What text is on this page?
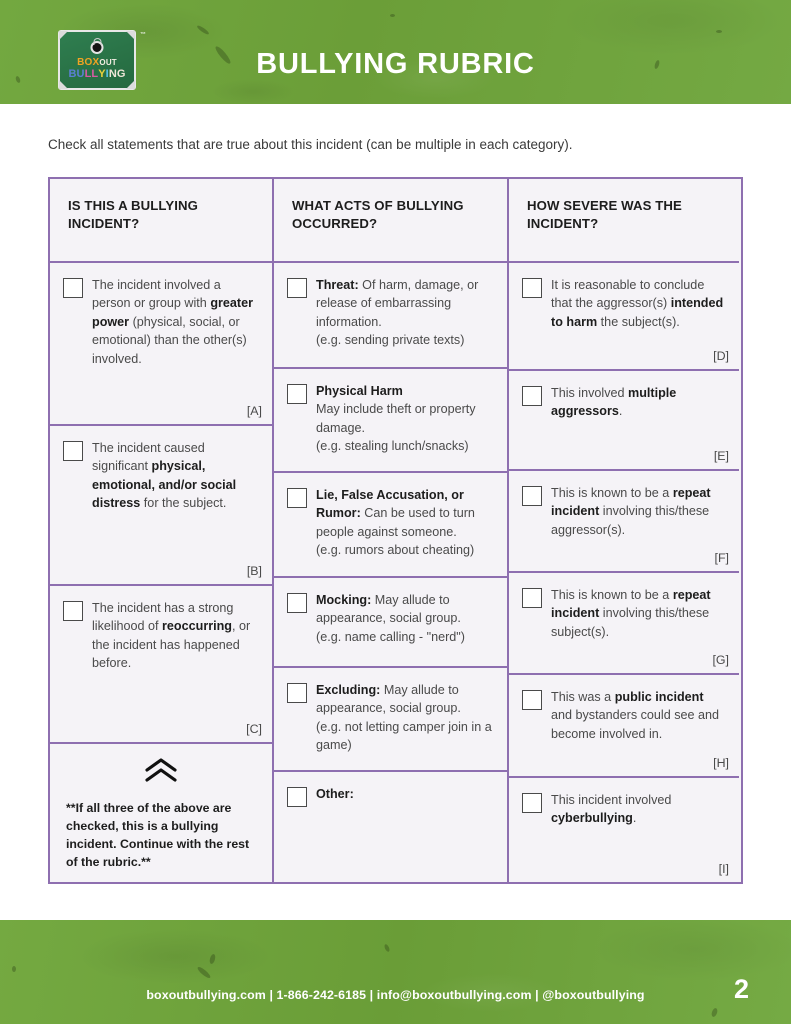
BOXOUT
BULLYING
™
BULLYING RUBRIC
Check all statements that are true about this incident (can be multiple in each category).
IS THIS A BULLYING INCIDENT?
The incident involved a person or group with greater power (physical, social, or emotional) than the other(s) involved.
[A]
The incident caused significant physical, emotional, and/or social distress for the subject.
[B]
The incident has a strong likelihood of reoccurring, or the incident has happened before.
[C]
**If all three of the above are checked, this is a bullying incident. Continue with the rest of the rubric.**
WHAT ACTS OF BULLYING OCCURRED?
Threat: Of harm, damage, or release of embarrassing information.
(e.g. sending private texts)
Physical Harm
May include theft or property damage.
(e.g. stealing lunch/snacks)
Lie, False Accusation, or Rumor: Can be used to turn people against someone.
(e.g. rumors about cheating)
Mocking: May allude to appearance, social group.
(e.g. name calling - "nerd")
Excluding: May allude to appearance, social group.
(e.g. not letting camper join in a game)
Other:
HOW SEVERE WAS THE INCIDENT?
It is reasonable to conclude that the aggressor(s) intended to harm the subject(s).
[D]
This involved multiple aggressors.
[E]
This is known to be a repeat incident involving this/these aggressor(s).
[F]
This is known to be a repeat incident involving this/these subject(s).
[G]
This was a public incident and bystanders could see and become involved in.
[H]
This incident involved cyberbullying.
[I]
boxoutbullying.com | 1-866-242-6185 | info@boxoutbullying.com | @boxoutbullying	2
